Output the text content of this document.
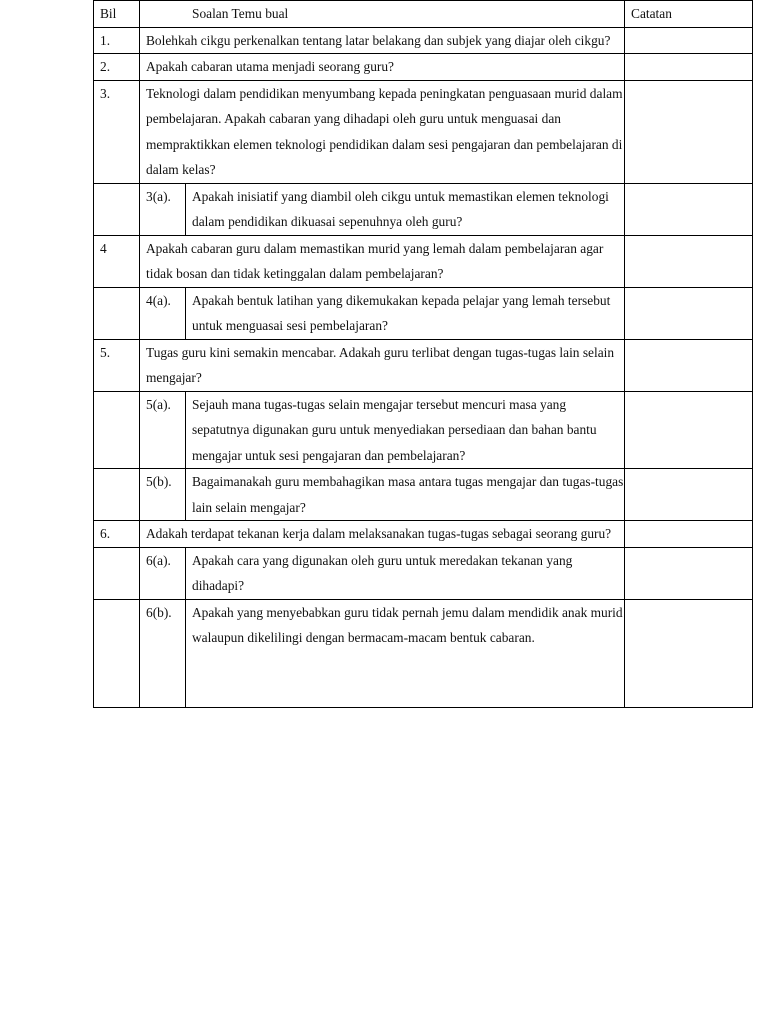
Bil	Soalan Temu bual		Catatan
1.	Bolehkah cikgu perkenalkan tentang latar belakang dan subjek yang diajar oleh cikgu?		
2.	Apakah cabaran utama menjadi seorang guru?		
3.	Teknologi dalam pendidikan menyumbang kepada peningkatan penguasaan murid dalam pembelajaran. Apakah cabaran yang dihadapi oleh guru untuk menguasai dan mempraktikkan elemen teknologi pendidikan dalam sesi pengajaran dan pembelajaran di dalam kelas?		
	3(a).	Apakah inisiatif yang diambil oleh cikgu untuk memastikan elemen teknologi dalam pendidikan dikuasai sepenuhnya oleh guru?	
4	Apakah cabaran guru dalam memastikan murid yang lemah dalam pembelajaran agar tidak bosan dan tidak ketinggalan dalam pembelajaran?		
	4(a).	Apakah bentuk latihan yang dikemukakan kepada pelajar yang lemah tersebut untuk menguasai sesi pembelajaran?	
5.	Tugas guru kini semakin mencabar. Adakah guru terlibat dengan tugas-tugas lain selain mengajar?		
	5(a).	Sejauh mana tugas-tugas selain mengajar tersebut mencuri masa yang sepatutnya digunakan guru untuk menyediakan persediaan dan bahan bantu mengajar untuk sesi pengajaran dan pembelajaran?	
	5(b).	Bagaimanakah guru membahagikan masa antara tugas mengajar dan tugas-tugas lain selain mengajar?	
6.	Adakah terdapat tekanan kerja dalam melaksanakan tugas-tugas sebagai seorang guru?		
	6(a).	Apakah cara yang digunakan oleh guru untuk meredakan tekanan yang dihadapi?	
	6(b).	Apakah yang menyebabkan guru tidak pernah jemu dalam mendidik anak murid walaupun dikelilingi dengan bermacam-macam bentuk cabaran.	
